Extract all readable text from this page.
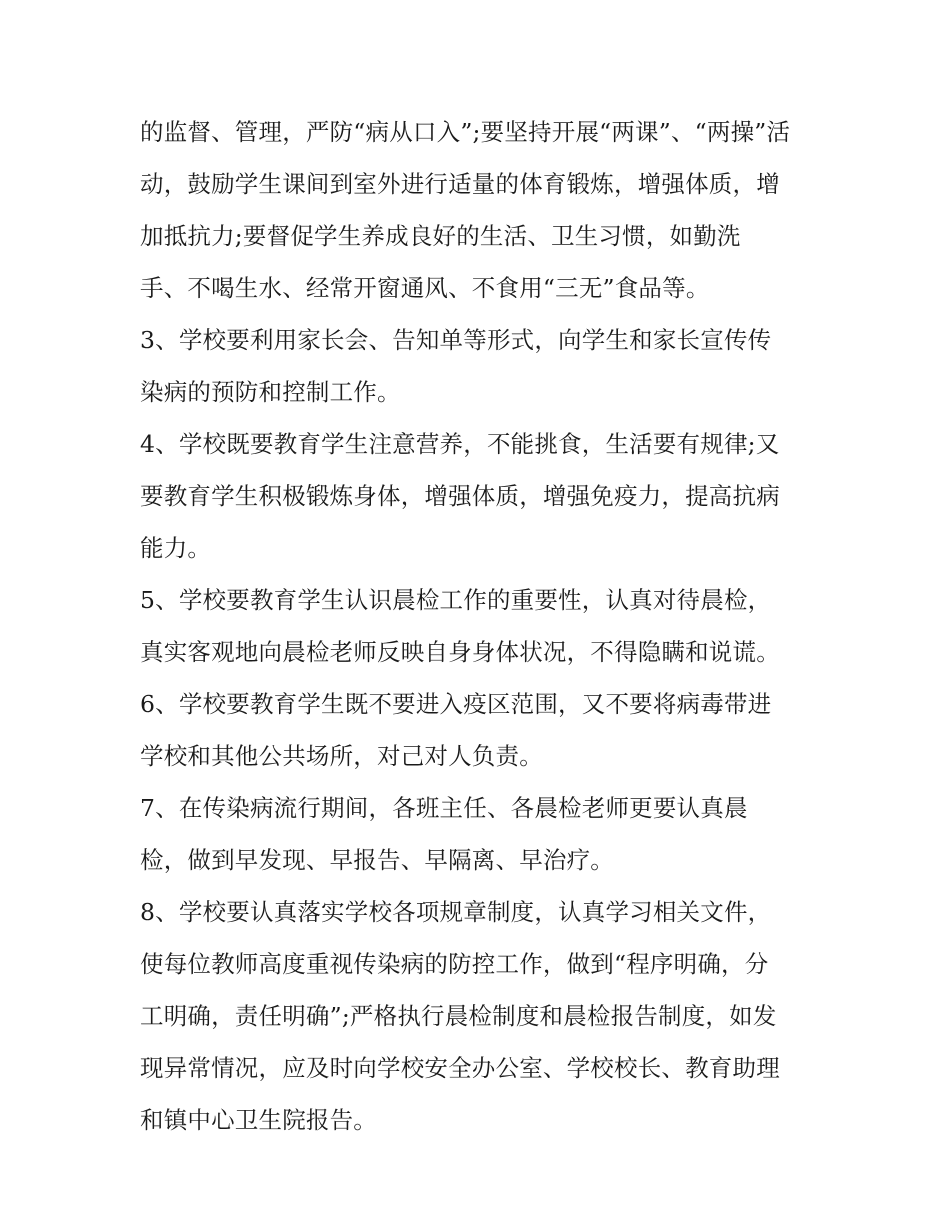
的监督、管理，严防“病从口入”;要坚持开展“两课”、“两操”活
动，鼓励学生课间到室外进行适量的体育锻炼，增强体质，增
加抵抗力;要督促学生养成良好的生活、卫生习惯，如勤洗
手、不喝生水、经常开窗通风、不食用“三无”食品等。
3、学校要利用家长会、告知单等形式，向学生和家长宣传传
染病的预防和控制工作。
4、学校既要教育学生注意营养，不能挑食，生活要有规律;又
要教育学生积极锻炼身体，增强体质，增强免疫力，提高抗病
能力。
5、学校要教育学生认识晨检工作的重要性，认真对待晨检，
真实客观地向晨检老师反映自身身体状况，不得隐瞒和说谎。
6、学校要教育学生既不要进入疫区范围，又不要将病毒带进
学校和其他公共场所，对己对人负责。
7、在传染病流行期间，各班主任、各晨检老师更要认真晨
检，做到早发现、早报告、早隔离、早治疗。
8、学校要认真落实学校各项规章制度，认真学习相关文件，
使每位教师高度重视传染病的防控工作，做到“程序明确，分
工明确，责任明确”;严格执行晨检制度和晨检报告制度，如发
现异常情况，应及时向学校安全办公室、学校校长、教育助理
和镇中心卫生院报告。
